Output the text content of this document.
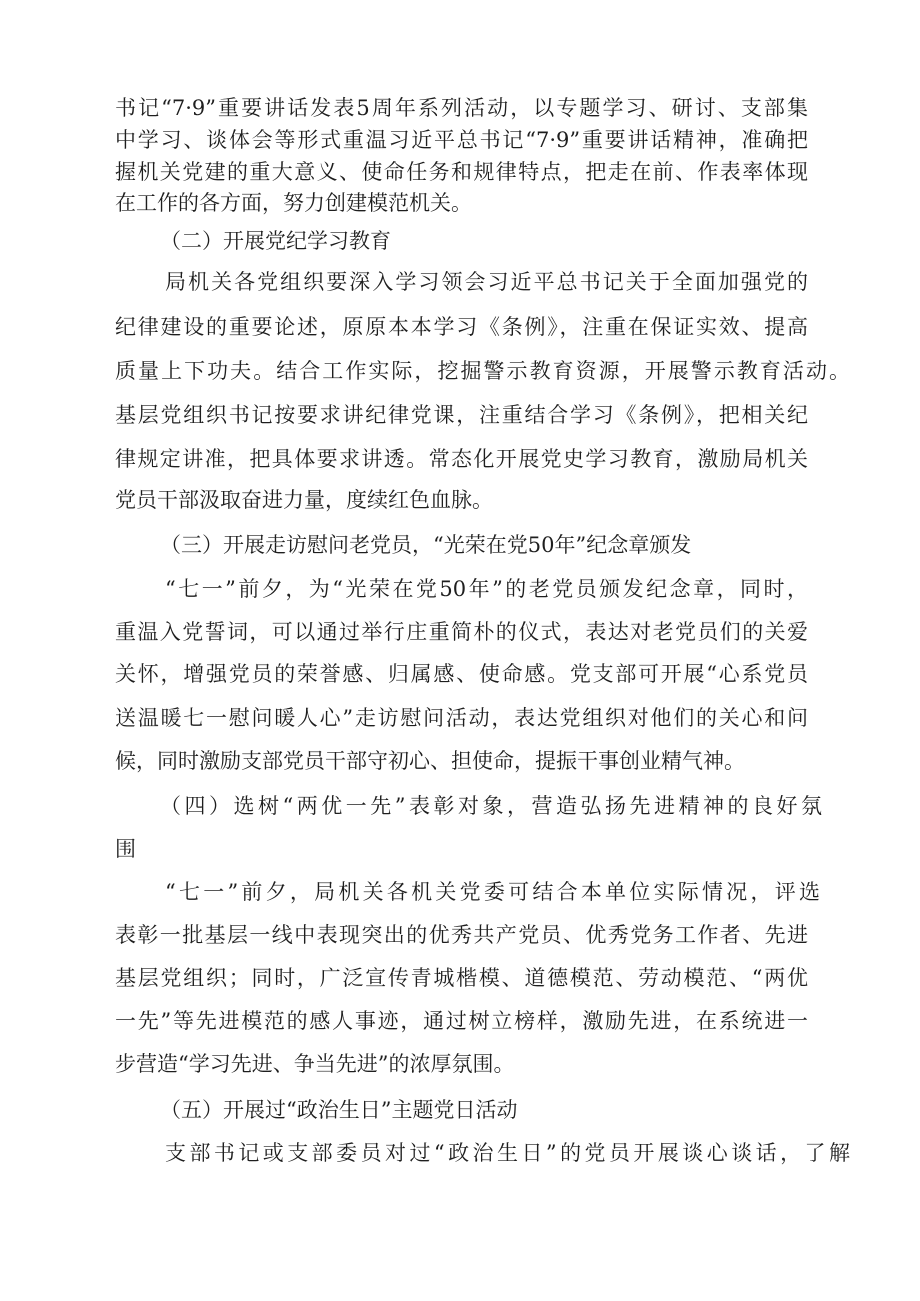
书记“7·9”重要讲话发表5周年系列活动，以专题学习、研讨、支部集
中学习、谈体会等形式重温习近平总书记“7·9”重要讲话精神，准确把
握机关党建的重大意义、使命任务和规律特点，把走在前、作表率体现
在工作的各方面，努力创建模范机关。
（二）开展党纪学习教育
局机关各党组织要深入学习领会习近平总书记关于全面加强党的
纪律建设的重要论述，原原本本学习《条例》，注重在保证实效、提高
质量上下功夫。结合工作实际，挖掘警示教育资源，开展警示教育活动。
基层党组织书记按要求讲纪律党课，注重结合学习《条例》，把相关纪
律规定讲准，把具体要求讲透。常态化开展党史学习教育，激励局机关
党员干部汲取奋进力量，度续红色血脉。
（三）开展走访慰问老党员，“光荣在党50年”纪念章颁发
“七一”前夕，为“光荣在党50年”的老党员颁发纪念章，同时，
重温入党誓词，可以通过举行庄重简朴的仪式，表达对老党员们的关爱
关怀，增强党员的荣誉感、归属感、使命感。党支部可开展“心系党员
送温暖七一慰问暖人心”走访慰问活动，表达党组织对他们的关心和问
候，同时激励支部党员干部守初心、担使命，提振干事创业精气神。
（四）选树“两优一先”表彰对象，营造弘扬先进精神的良好氛
围
“七一”前夕，局机关各机关党委可结合本单位实际情况，评选
表彰一批基层一线中表现突出的优秀共产党员、优秀党务工作者、先进
基层党组织；同时，广泛宣传青城楷模、道德模范、劳动模范、“两优
一先”等先进模范的感人事迹，通过树立榜样，激励先进，在系统进一
步营造“学习先进、争当先进”的浓厚氛围。
（五）开展过“政治生日”主题党日活动
支部书记或支部委员对过“政治生日”的党员开展谈心谈话，了解
